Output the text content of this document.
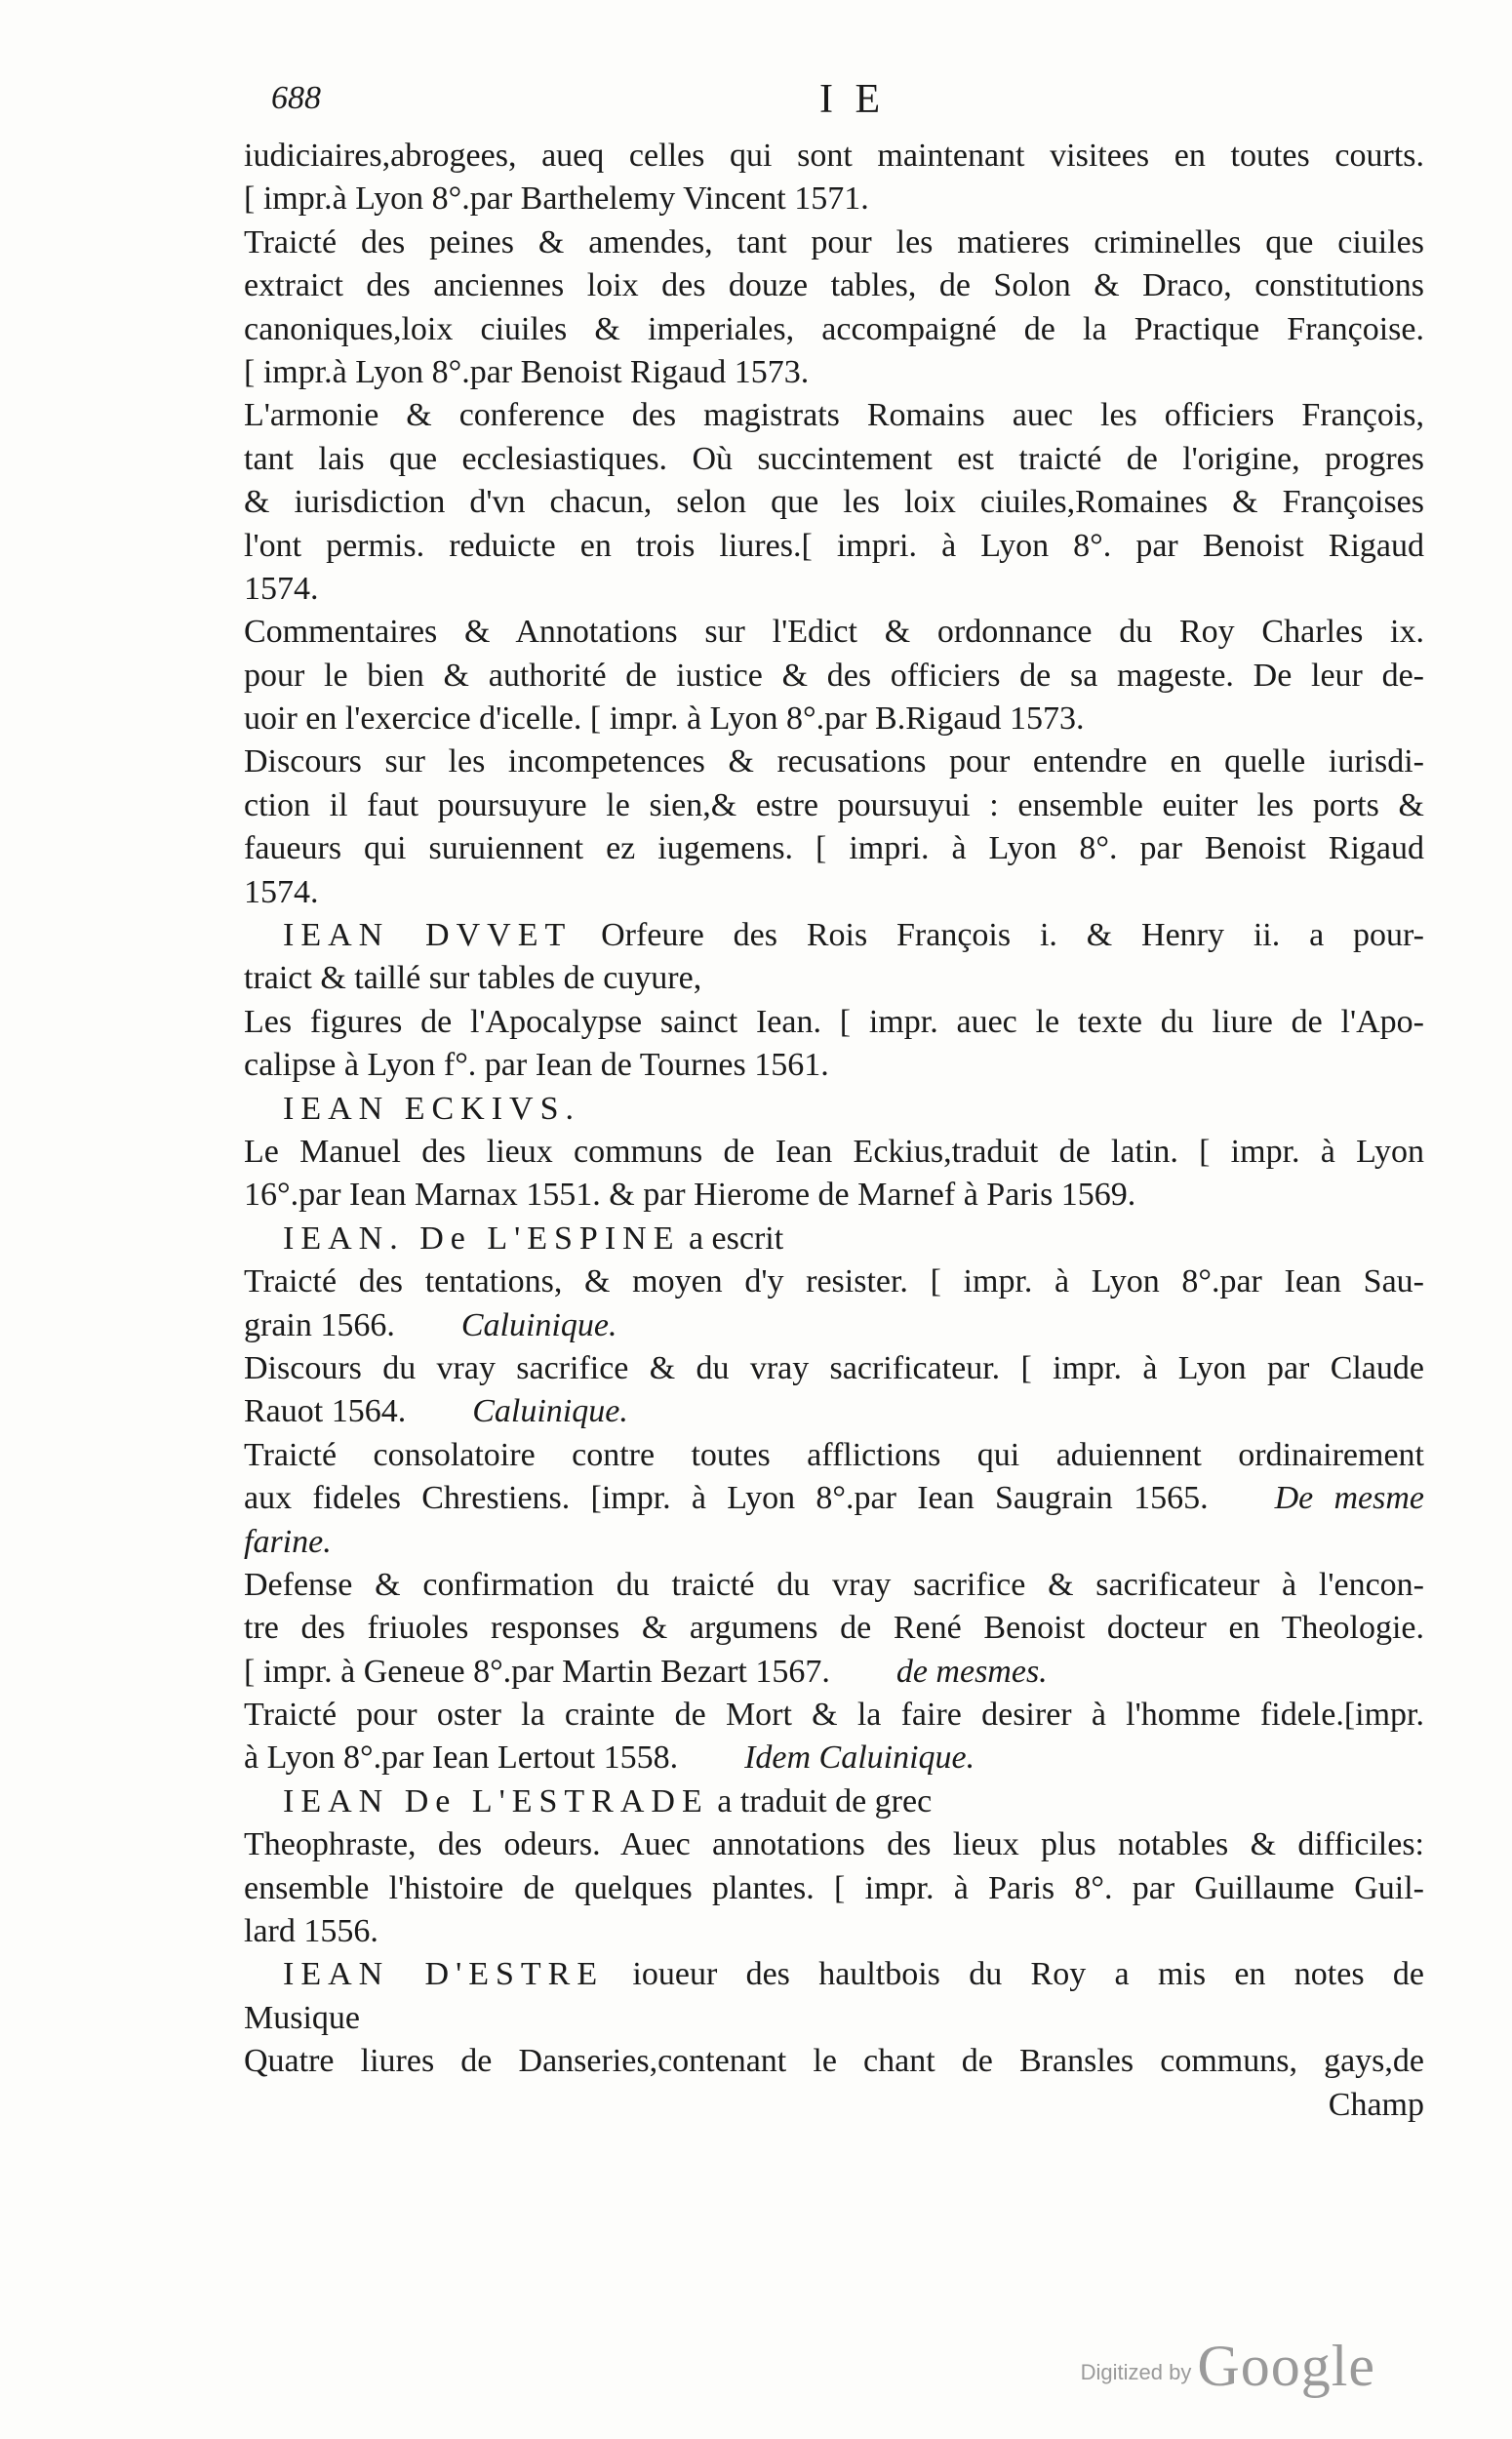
688	I E
iudiciaires,abrogees, aueq celles qui sont maintenant visitees en toutes courts.
[ impr.à Lyon 8°.par Barthelemy Vincent 1571.
Traicté des peines & amendes, tant pour les matieres criminelles que ciuiles
extraict des anciennes loix des douze tables, de Solon & Draco, constitutions
canoniques,loix ciuiles & imperiales, accompaigné de la Practique Françoise.
[ impr.à Lyon 8°.par Benoist Rigaud 1573.
L'armonie & conference des magistrats Romains auec les officiers François,
tant lais que ecclesiastiques. Où succintement est traicté de l'origine, progres
& iurisdiction d'vn chacun, selon que les loix ciuiles,Romaines & Françoises
l'ont permis. reduicte en trois liures.[ impri. à Lyon 8°. par Benoist Rigaud
1574.
Commentaires & Annotations sur l'Edict & ordonnance du Roy Charles ix.
pour le bien & authorité de iustice & des officiers de sa mageste. De leur de-
uoir en l'exercice d'icelle. [ impr. à Lyon 8°.par B.Rigaud 1573.
Discours sur les incompetences & recusations pour entendre en quelle iurisdi-
ction il faut poursuyure le sien,& estre poursuyui : ensemble euiter les ports &
faueurs qui suruiennent ez iugemens. [ impri. à Lyon 8°. par Benoist Rigaud
1574.
IEAN DVVET Orfeure des Rois François i. & Henry ii. a pour-
traict & taillé sur tables de cuyure,
Les figures de l'Apocalypse sainct Iean. [ impr. auec le texte du liure de l'Apo-
calipse à Lyon f°. par Iean de Tournes 1561.
IEAN ECKIVS.
Le Manuel des lieux communs de Iean Eckius,traduit de latin. [ impr. à Lyon
16°.par Iean Marnax 1551. & par Hierome de Marnef à Paris 1569.
IEAN. De L'ESPINE a escrit
Traicté des tentations, & moyen d'y resister. [ impr. à Lyon 8°.par Iean Sau-
grain 1566.   Caluinique.
Discours du vray sacrifice & du vray sacrificateur. [ impr. à Lyon par Claude
Rauot 1564.   Caluinique.
Traicté consolatoire contre toutes afflictions qui aduiennent ordinairement
aux fideles Chrestiens. [impr. à Lyon 8°.par Iean Saugrain 1565.   De mesme
farine.
Defense & confirmation du traicté du vray sacrifice & sacrificateur à l'encon-
tre des friuoles responses & argumens de René Benoist docteur en Theologie.
[ impr. à Geneue 8°.par Martin Bezart 1567.   de mesmes.
Traicté pour oster la crainte de Mort & la faire desirer à l'homme fidele.[impr.
à Lyon 8°.par Iean Lertout 1558.   Idem Caluinique.
IEAN De L'ESTRADE a traduit de grec
Theophraste, des odeurs. Auec annotations des lieux plus notables & difficiles:
ensemble l'histoire de quelques plantes. [ impr. à Paris 8°. par Guillaume Guil-
lard 1556.
IEAN D'ESTRE ioueur des haultbois du Roy a mis en notes de
Musique
Quatre liures de Danseries,contenant le chant de Bransles communs, gays,de
Champ
Digitized by Google
